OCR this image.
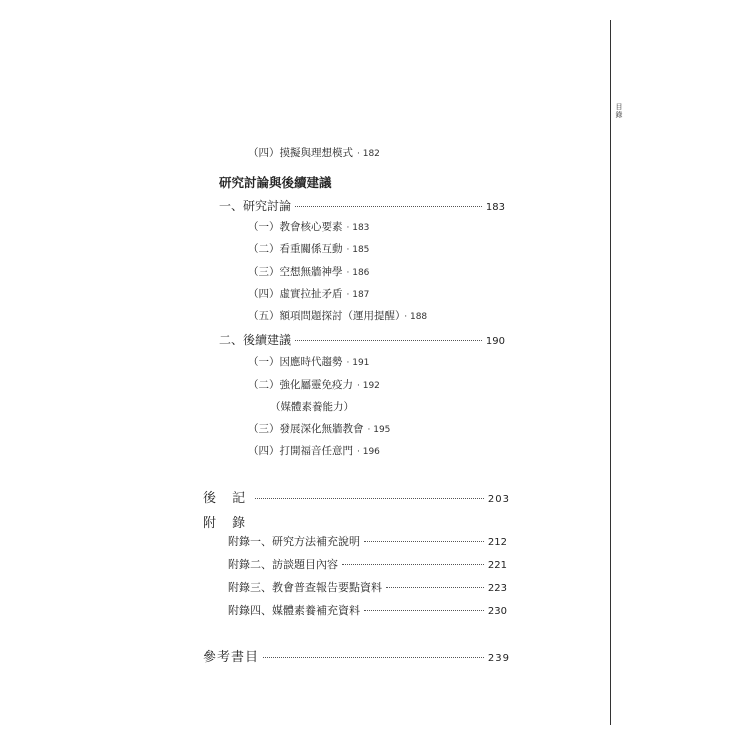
目錄
（四）摸擬與理想模式 · 182
研究討論與後續建議
一、研究討論	183
（一）教會核心要素 · 183
（二）看重關係互動 · 185
（三）空想無牆神學 · 186
（四）虛實拉扯矛盾 · 187
（五）額項問題探討（運用提醒） · 188
二、後續建議	190
（一）因應時代趨勢 · 191
（二）強化屬靈免疫力 · 192
（媒體素養能力）
（三）發展深化無牆教會 · 195
（四）打開福音任意門 · 196
後 記	203
附 錄
附錄一、研究方法補充說明	212
附錄二、訪談題目內容	221
附錄三、教會普查報告要點資料	223
附錄四、媒體素養補充資料	230
參考書目	239
